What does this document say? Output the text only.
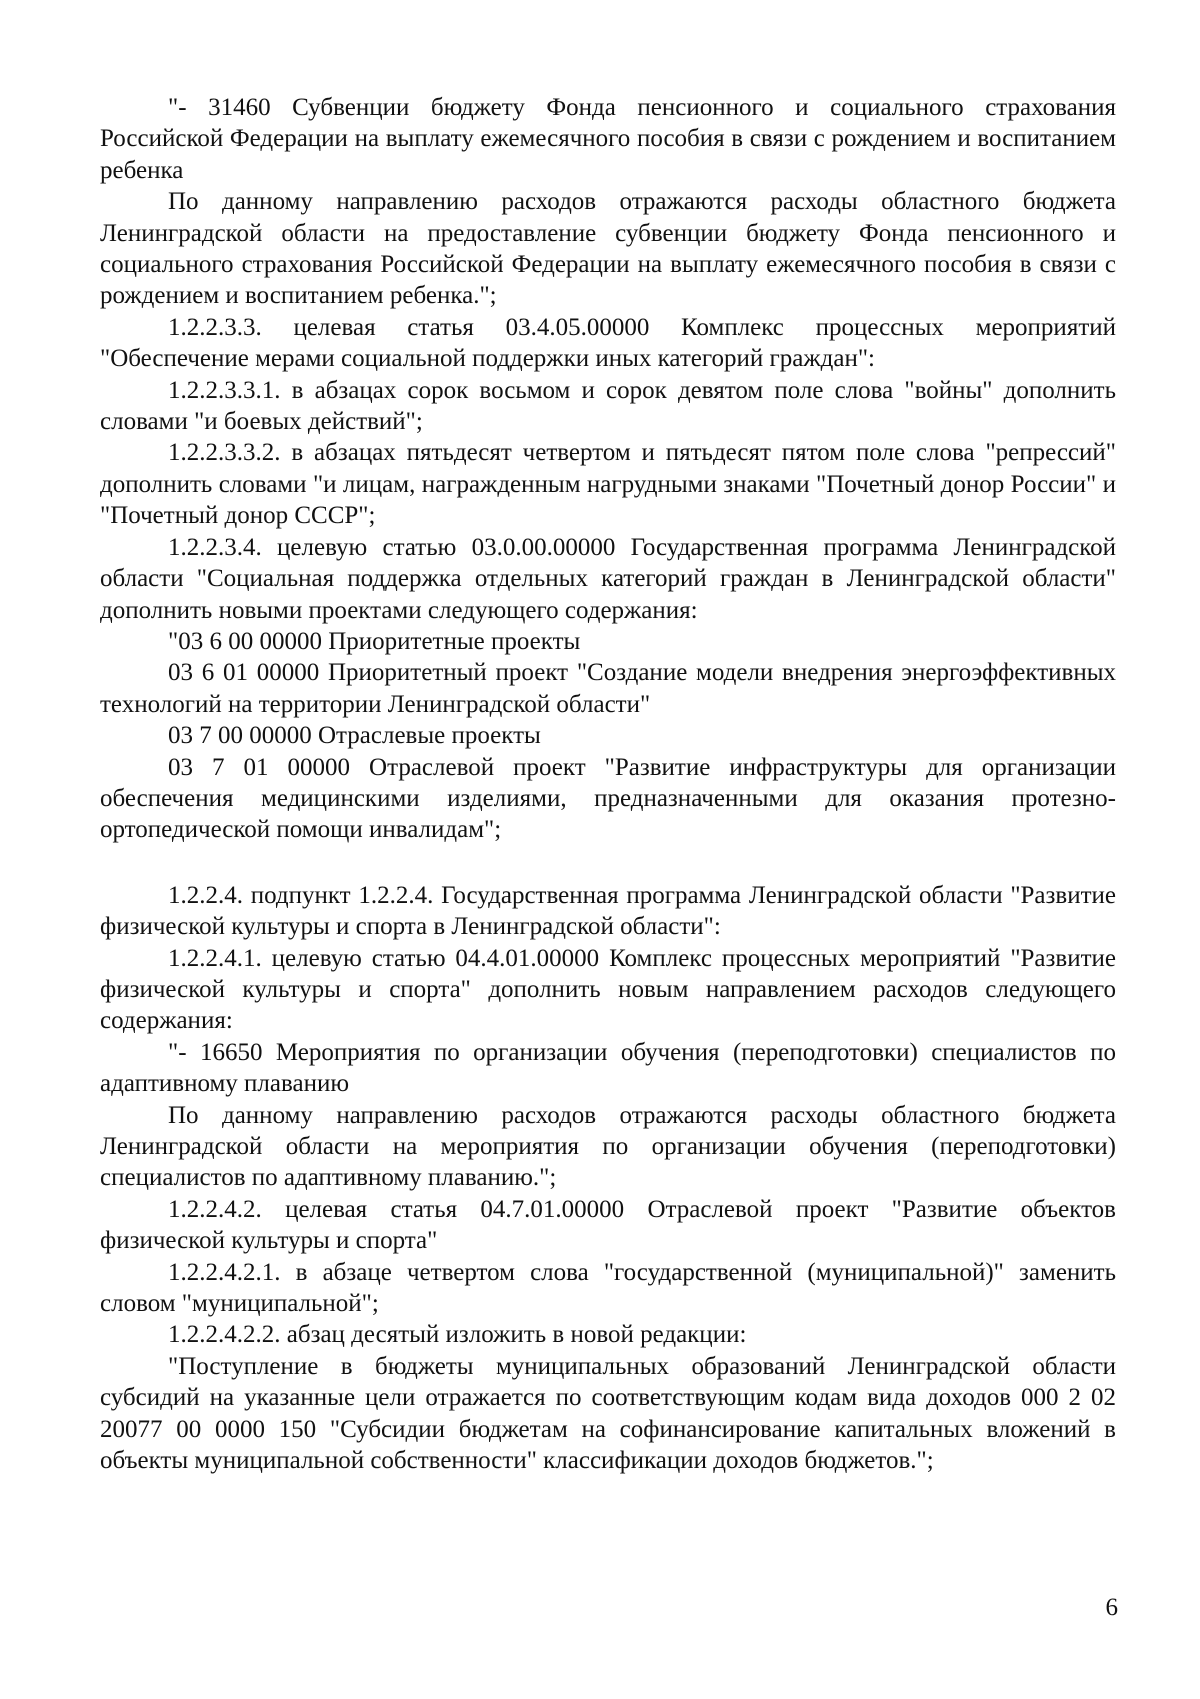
"- 31460 Субвенции бюджету Фонда пенсионного и социального страхования Российской Федерации на выплату ежемесячного пособия в связи с рождением и воспитанием ребенка

По данному направлению расходов отражаются расходы областного бюджета Ленинградской области на предоставление субвенции бюджету Фонда пенсионного и социального страхования Российской Федерации на выплату ежемесячного пособия в связи с рождением и воспитанием ребенка.";

1.2.2.3.3. целевая статья 03.4.05.00000 Комплекс процессных мероприятий "Обеспечение мерами социальной поддержки иных категорий граждан":

1.2.2.3.3.1. в абзацах сорок восьмом и сорок девятом поле слова "войны" дополнить словами "и боевых действий";

1.2.2.3.3.2. в абзацах пятьдесят четвертом и пятьдесят пятом поле слова "репрессий" дополнить словами "и лицам, награжденным нагрудными знаками "Почетный донор России" и "Почетный донор СССР";

1.2.2.3.4. целевую статью 03.0.00.00000 Государственная программа Ленинградской области "Социальная поддержка отдельных категорий граждан в Ленинградской области" дополнить новыми проектами следующего содержания:

"03 6 00 00000 Приоритетные проекты

03 6 01 00000 Приоритетный проект "Создание модели внедрения энергоэффективных технологий на территории Ленинградской области"

03 7 00 00000 Отраслевые проекты

03 7 01 00000 Отраслевой проект "Развитие инфраструктуры для организации обеспечения медицинскими изделиями, предназначенными для оказания протезно-ортопедической помощи инвалидам";

1.2.2.4. подпункт 1.2.2.4. Государственная программа Ленинградской области "Развитие физической культуры и спорта в Ленинградской области":

1.2.2.4.1. целевую статью 04.4.01.00000 Комплекс процессных мероприятий "Развитие физической культуры и спорта" дополнить новым направлением расходов следующего содержания:

"- 16650 Мероприятия по организации обучения (переподготовки) специалистов по адаптивному плаванию

По данному направлению расходов отражаются расходы областного бюджета Ленинградской области на мероприятия по организации обучения (переподготовки) специалистов по адаптивному плаванию.";

1.2.2.4.2. целевая статья 04.7.01.00000 Отраслевой проект "Развитие объектов физической культуры и спорта"

1.2.2.4.2.1. в абзаце четвертом слова "государственной (муниципальной)" заменить словом "муниципальной";

1.2.2.4.2.2. абзац десятый изложить в новой редакции:

"Поступление в бюджеты муниципальных образований Ленинградской области субсидий на указанные цели отражается по соответствующим кодам вида доходов 000 2 02 20077 00 0000 150 "Субсидии бюджетам на софинансирование капитальных вложений в объекты муниципальной собственности" классификации доходов бюджетов.";

6
